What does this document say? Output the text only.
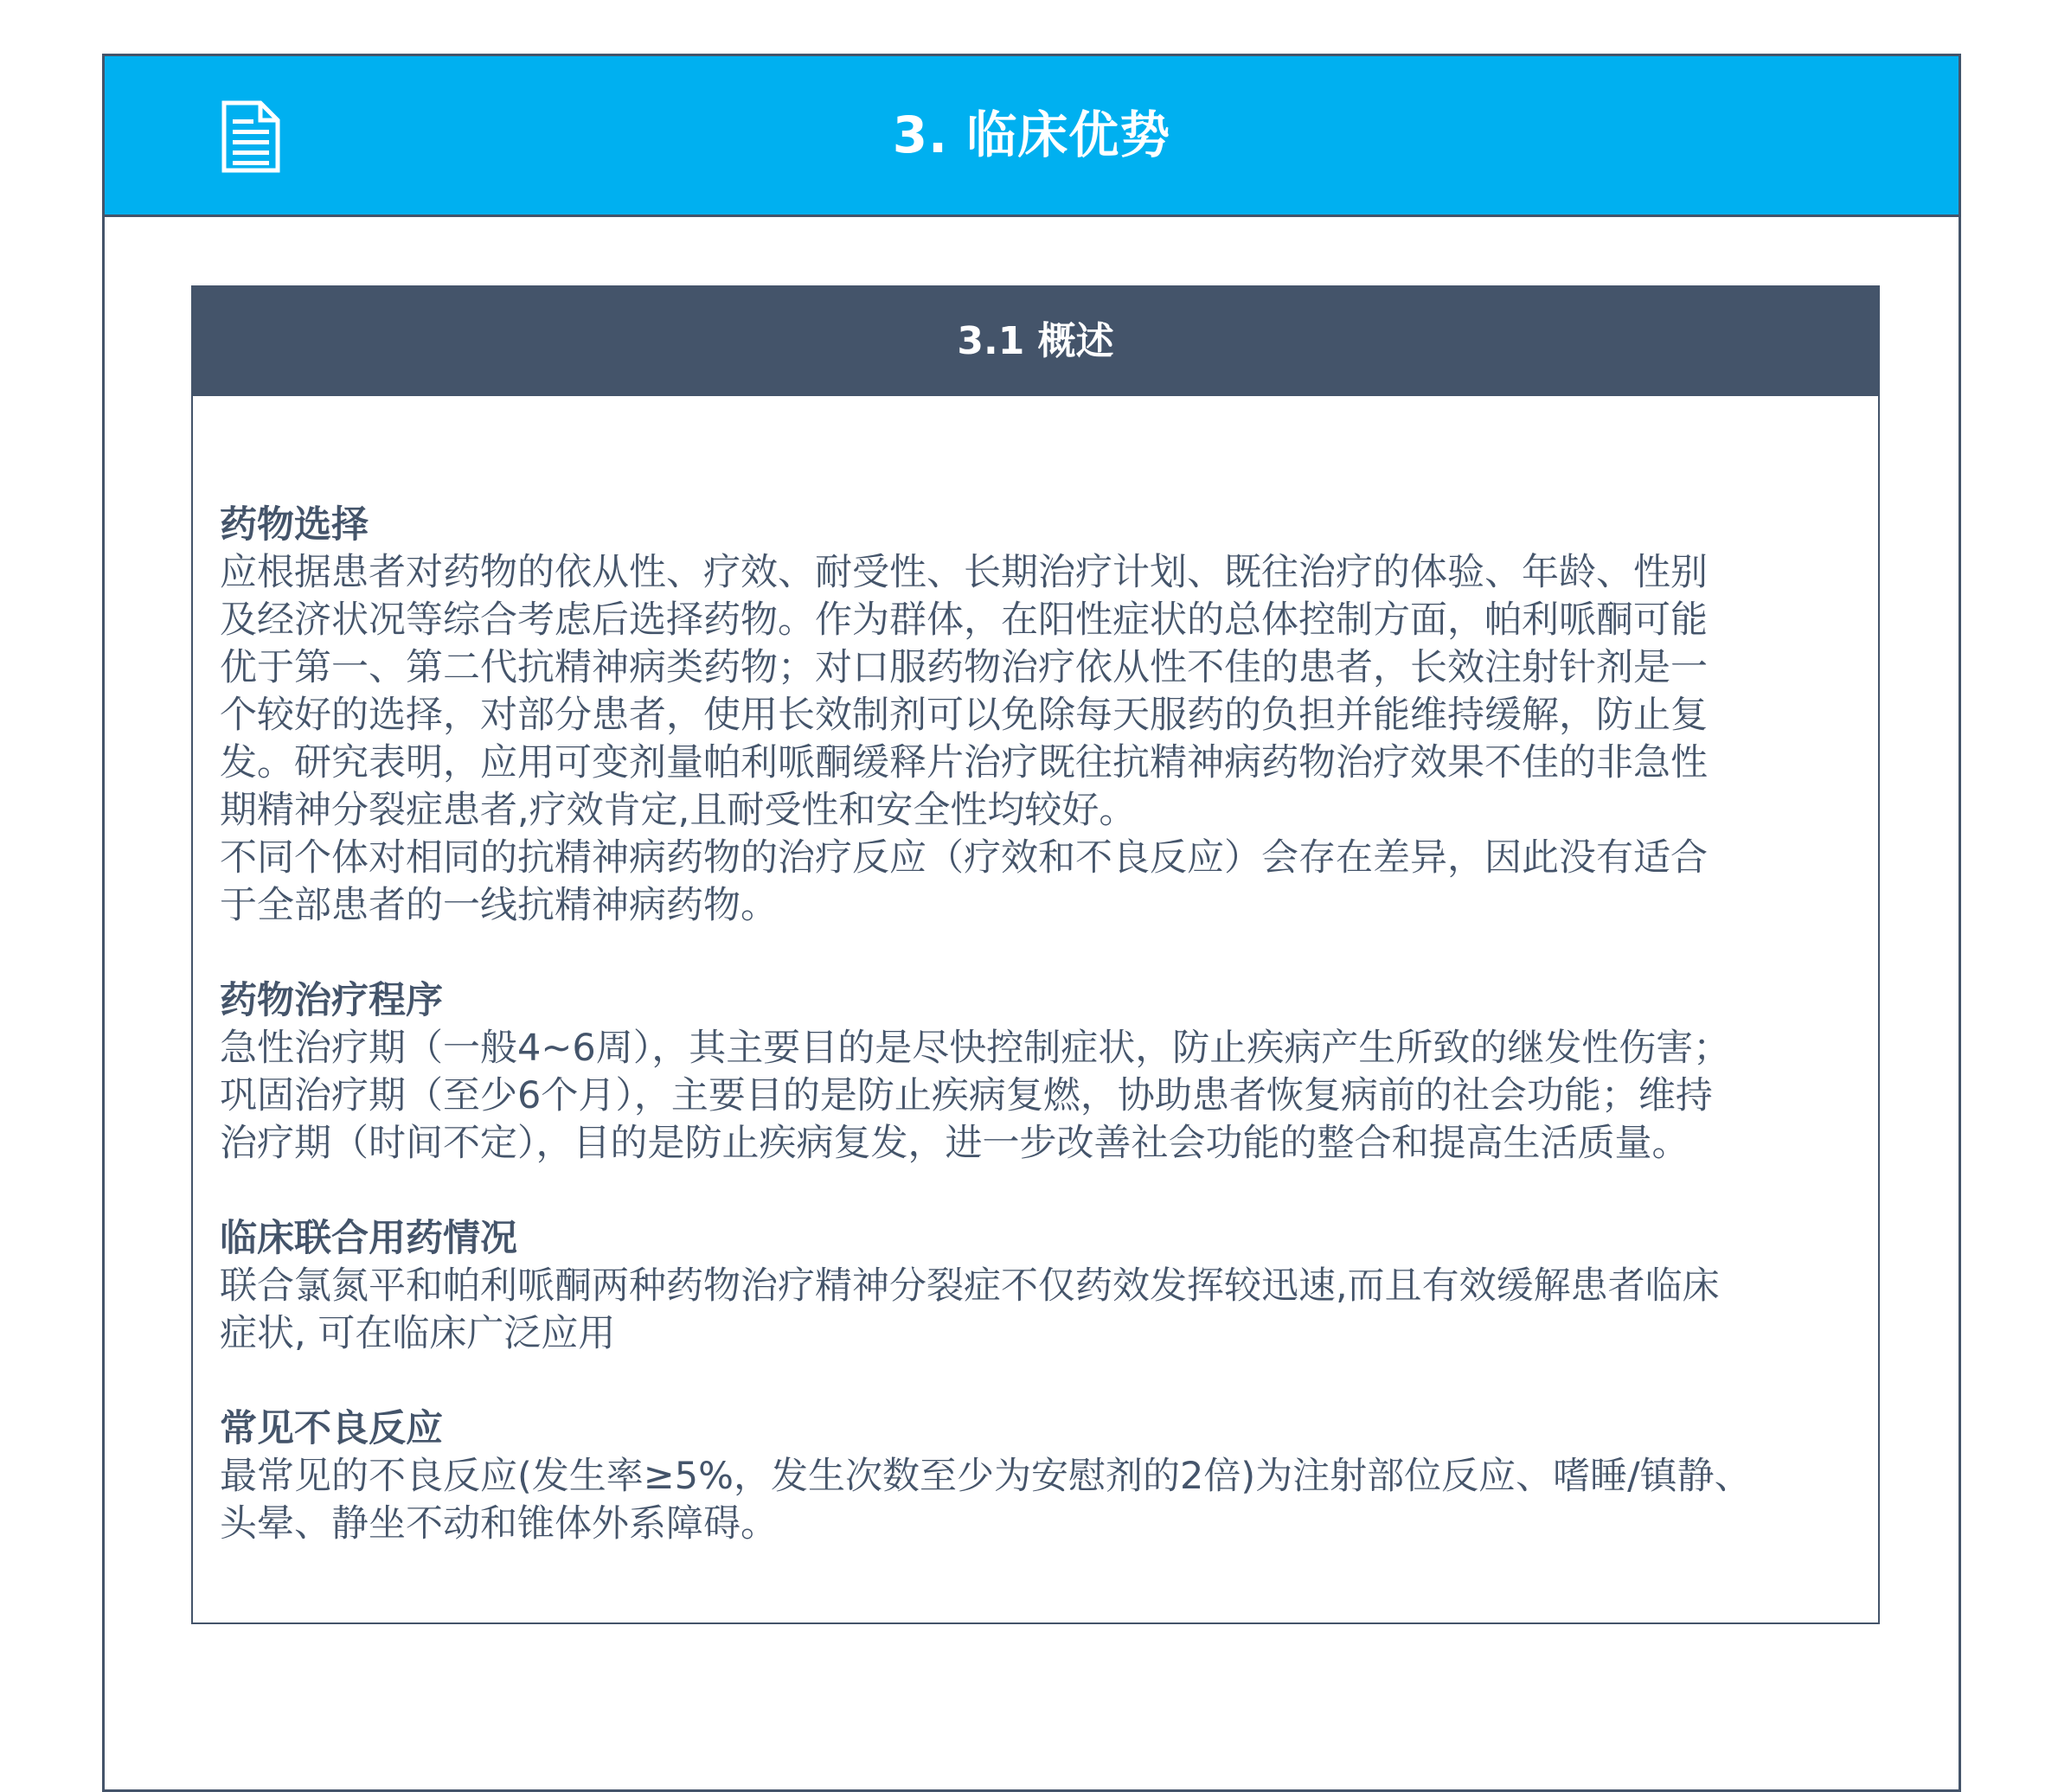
3. 临床优势
3.1 概述
药物选择
应根据患者对药物的依从性、疗效、耐受性、长期治疗计划、既往治疗的体验、年龄、性别
及经济状况等综合考虑后选择药物。作为群体，在阳性症状的总体控制方面，帕利哌酮可能
优于第一、第二代抗精神病类药物；对口服药物治疗依从性不佳的患者，长效注射针剂是一
个较好的选择，对部分患者，使用长效制剂可以免除每天服药的负担并能维持缓解，防止复
发。研究表明，应用可变剂量帕利哌酮缓释片治疗既往抗精神病药物治疗效果不佳的非急性
期精神分裂症患者,疗效肯定,且耐受性和安全性均较好。
不同个体对相同的抗精神病药物的治疗反应（疗效和不良反应）会存在差异，因此没有适合
于全部患者的一线抗精神病药物。
药物治疗程序
急性治疗期（一般4~6周），其主要目的是尽快控制症状，防止疾病产生所致的继发性伤害；
巩固治疗期（至少6个月），主要目的是防止疾病复燃，协助患者恢复病前的社会功能；维持
治疗期（时间不定），目的是防止疾病复发，进一步改善社会功能的整合和提高生活质量。
临床联合用药情况
联合氯氮平和帕利哌酮两种药物治疗精神分裂症不仅药效发挥较迅速,而且有效缓解患者临床
症状, 可在临床广泛应用
常见不良反应
最常见的不良反应(发生率≥5%，发生次数至少为安慰剂的2倍)为注射部位反应、嗜睡/镇静、
头晕、静坐不动和锥体外系障碍。
